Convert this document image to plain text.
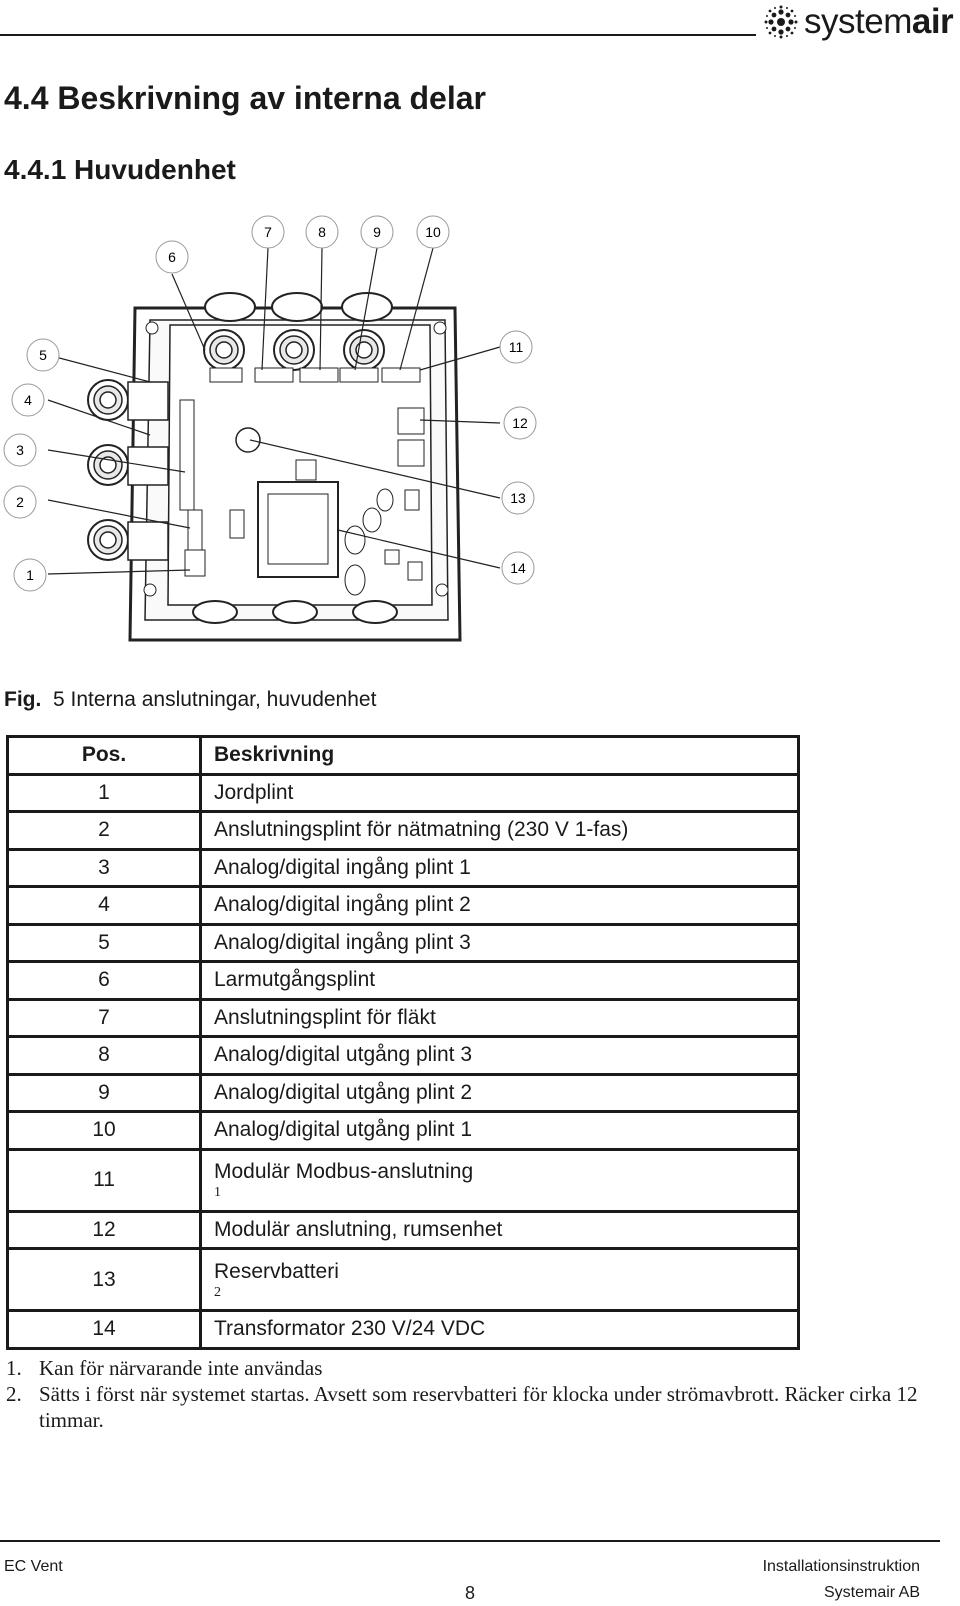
systemair
4.4 Beskrivning av interna delar
4.4.1 Huvudenhet
6
7	8	9	10
5
4
3
2
1
11
12
13
14
Fig. 5 Interna anslutningar, huvudenhet
Pos.	Beskrivning
1	Jordplint
2	Anslutningsplint för nätmatning (230 V 1-fas)
3	Analog/digital ingång plint 1
4	Analog/digital ingång plint 2
5	Analog/digital ingång plint 3
6	Larmutgångsplint
7	Anslutningsplint för fläkt
8	Analog/digital utgång plint 3
9	Analog/digital utgång plint 2
10	Analog/digital utgång plint 1
11	Modulär Modbus-anslutning
1

12	Modulär anslutning, rumsenhet
13	Reservbatteri
2

14	Transformator 230 V/24 VDC
1. Kan för närvarande inte användas
2. Sätts i först när systemet startas. Avsett som reservbatteri för klocka under strömavbrott. Räcker cirka 12 timmar.
EC Vent
8
Installationsinstruktion
Systemair AB
